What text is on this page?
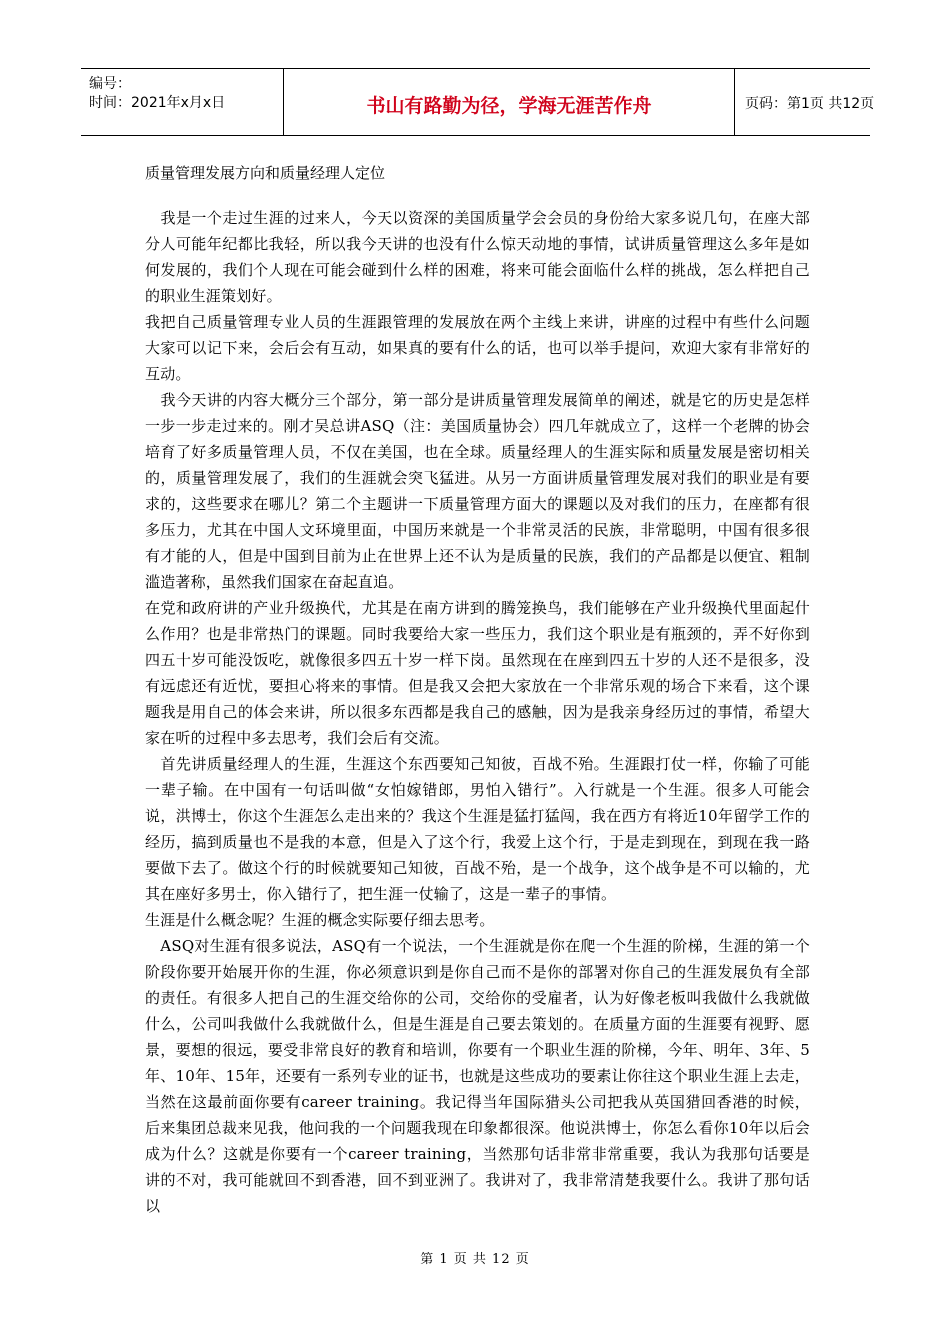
编号：
时间：2021年x月x日	书山有路勤为径，学海无涯苦作舟	页码：第1页 共12页
质量管理发展方向和质量经理人定位

　我是一个走过生涯的过来人，今天以资深的美国质量学会会员的身份给大家多说几句，在座大部分人可能年纪都比我轻，所以我今天讲的也没有什么惊天动地的事情，试讲质量管理这么多年是如何发展的，我们个人现在可能会碰到什么样的困难，将来可能会面临什么样的挑战，怎么样把自己的职业生涯策划好。

我把自己质量管理专业人员的生涯跟管理的发展放在两个主线上来讲，讲座的过程中有些什么问题大家可以记下来，会后会有互动，如果真的要有什么的话，也可以举手提问，欢迎大家有非常好的互动。

　我今天讲的内容大概分三个部分，第一部分是讲质量管理发展简单的阐述，就是它的历史是怎样一步一步走过来的。刚才吴总讲ASQ（注：美国质量协会）四几年就成立了，这样一个老牌的协会培育了好多质量管理人员，不仅在美国，也在全球。质量经理人的生涯实际和质量发展是密切相关的，质量管理发展了，我们的生涯就会突飞猛进。从另一方面讲质量管理发展对我们的职业是有要求的，这些要求在哪儿？第二个主题讲一下质量管理方面大的课题以及对我们的压力，在座都有很多压力，尤其在中国人文环境里面，中国历来就是一个非常灵活的民族，非常聪明，中国有很多很有才能的人，但是中国到目前为止在世界上还不认为是质量的民族，我们的产品都是以便宜、粗制滥造著称，虽然我们国家在奋起直追。

在党和政府讲的产业升级换代，尤其是在南方讲到的腾笼换鸟，我们能够在产业升级换代里面起什么作用？也是非常热门的课题。同时我要给大家一些压力，我们这个职业是有瓶颈的，弄不好你到四五十岁可能没饭吃，就像很多四五十岁一样下岗。虽然现在在座到四五十岁的人还不是很多，没有远虑还有近忧，要担心将来的事情。但是我又会把大家放在一个非常乐观的场合下来看，这个课题我是用自己的体会来讲，所以很多东西都是我自己的感触，因为是我亲身经历过的事情，希望大家在听的过程中多去思考，我们会后有交流。

　首先讲质量经理人的生涯，生涯这个东西要知己知彼，百战不殆。生涯跟打仗一样，你输了可能一辈子输。在中国有一句话叫做“女怕嫁错郎，男怕入错行”。入行就是一个生涯。很多人可能会说，洪博士，你这个生涯怎么走出来的？我这个生涯是猛打猛闯，我在西方有将近10年留学工作的经历，搞到质量也不是我的本意，但是入了这个行，我爱上这个行，于是走到现在，到现在我一路要做下去了。做这个行的时候就要知己知彼，百战不殆，是一个战争，这个战争是不可以输的，尤其在座好多男士，你入错行了，把生涯一仗输了，这是一辈子的事情。

生涯是什么概念呢？生涯的概念实际要仔细去思考。

　ASQ对生涯有很多说法，ASQ有一个说法，一个生涯就是你在爬一个生涯的阶梯，生涯的第一个阶段你要开始展开你的生涯，你必须意识到是你自己而不是你的部署对你自己的生涯发展负有全部的责任。有很多人把自己的生涯交给你的公司，交给你的受雇者，认为好像老板叫我做什么我就做什么，公司叫我做什么我就做什么，但是生涯是自己要去策划的。在质量方面的生涯要有视野、愿景，要想的很远，要受非常良好的教育和培训，你要有一个职业生涯的阶梯，今年、明年、3年、5年、10年、15年，还要有一系列专业的证书，也就是这些成功的要素让你往这个职业生涯上去走，当然在这最前面你要有career training。我记得当年国际猎头公司把我从英国猎回香港的时候，后来集团总裁来见我，他问我的一个问题我现在印象都很深。他说洪博士，你怎么看你10年以后会成为什么？这就是你要有一个career training，当然那句话非常非常重要，我认为我那句话要是讲的不对，我可能就回不到香港，回不到亚洲了。我讲对了，我非常清楚我要什么。我讲了那句话以

第 1 页 共 12 页
